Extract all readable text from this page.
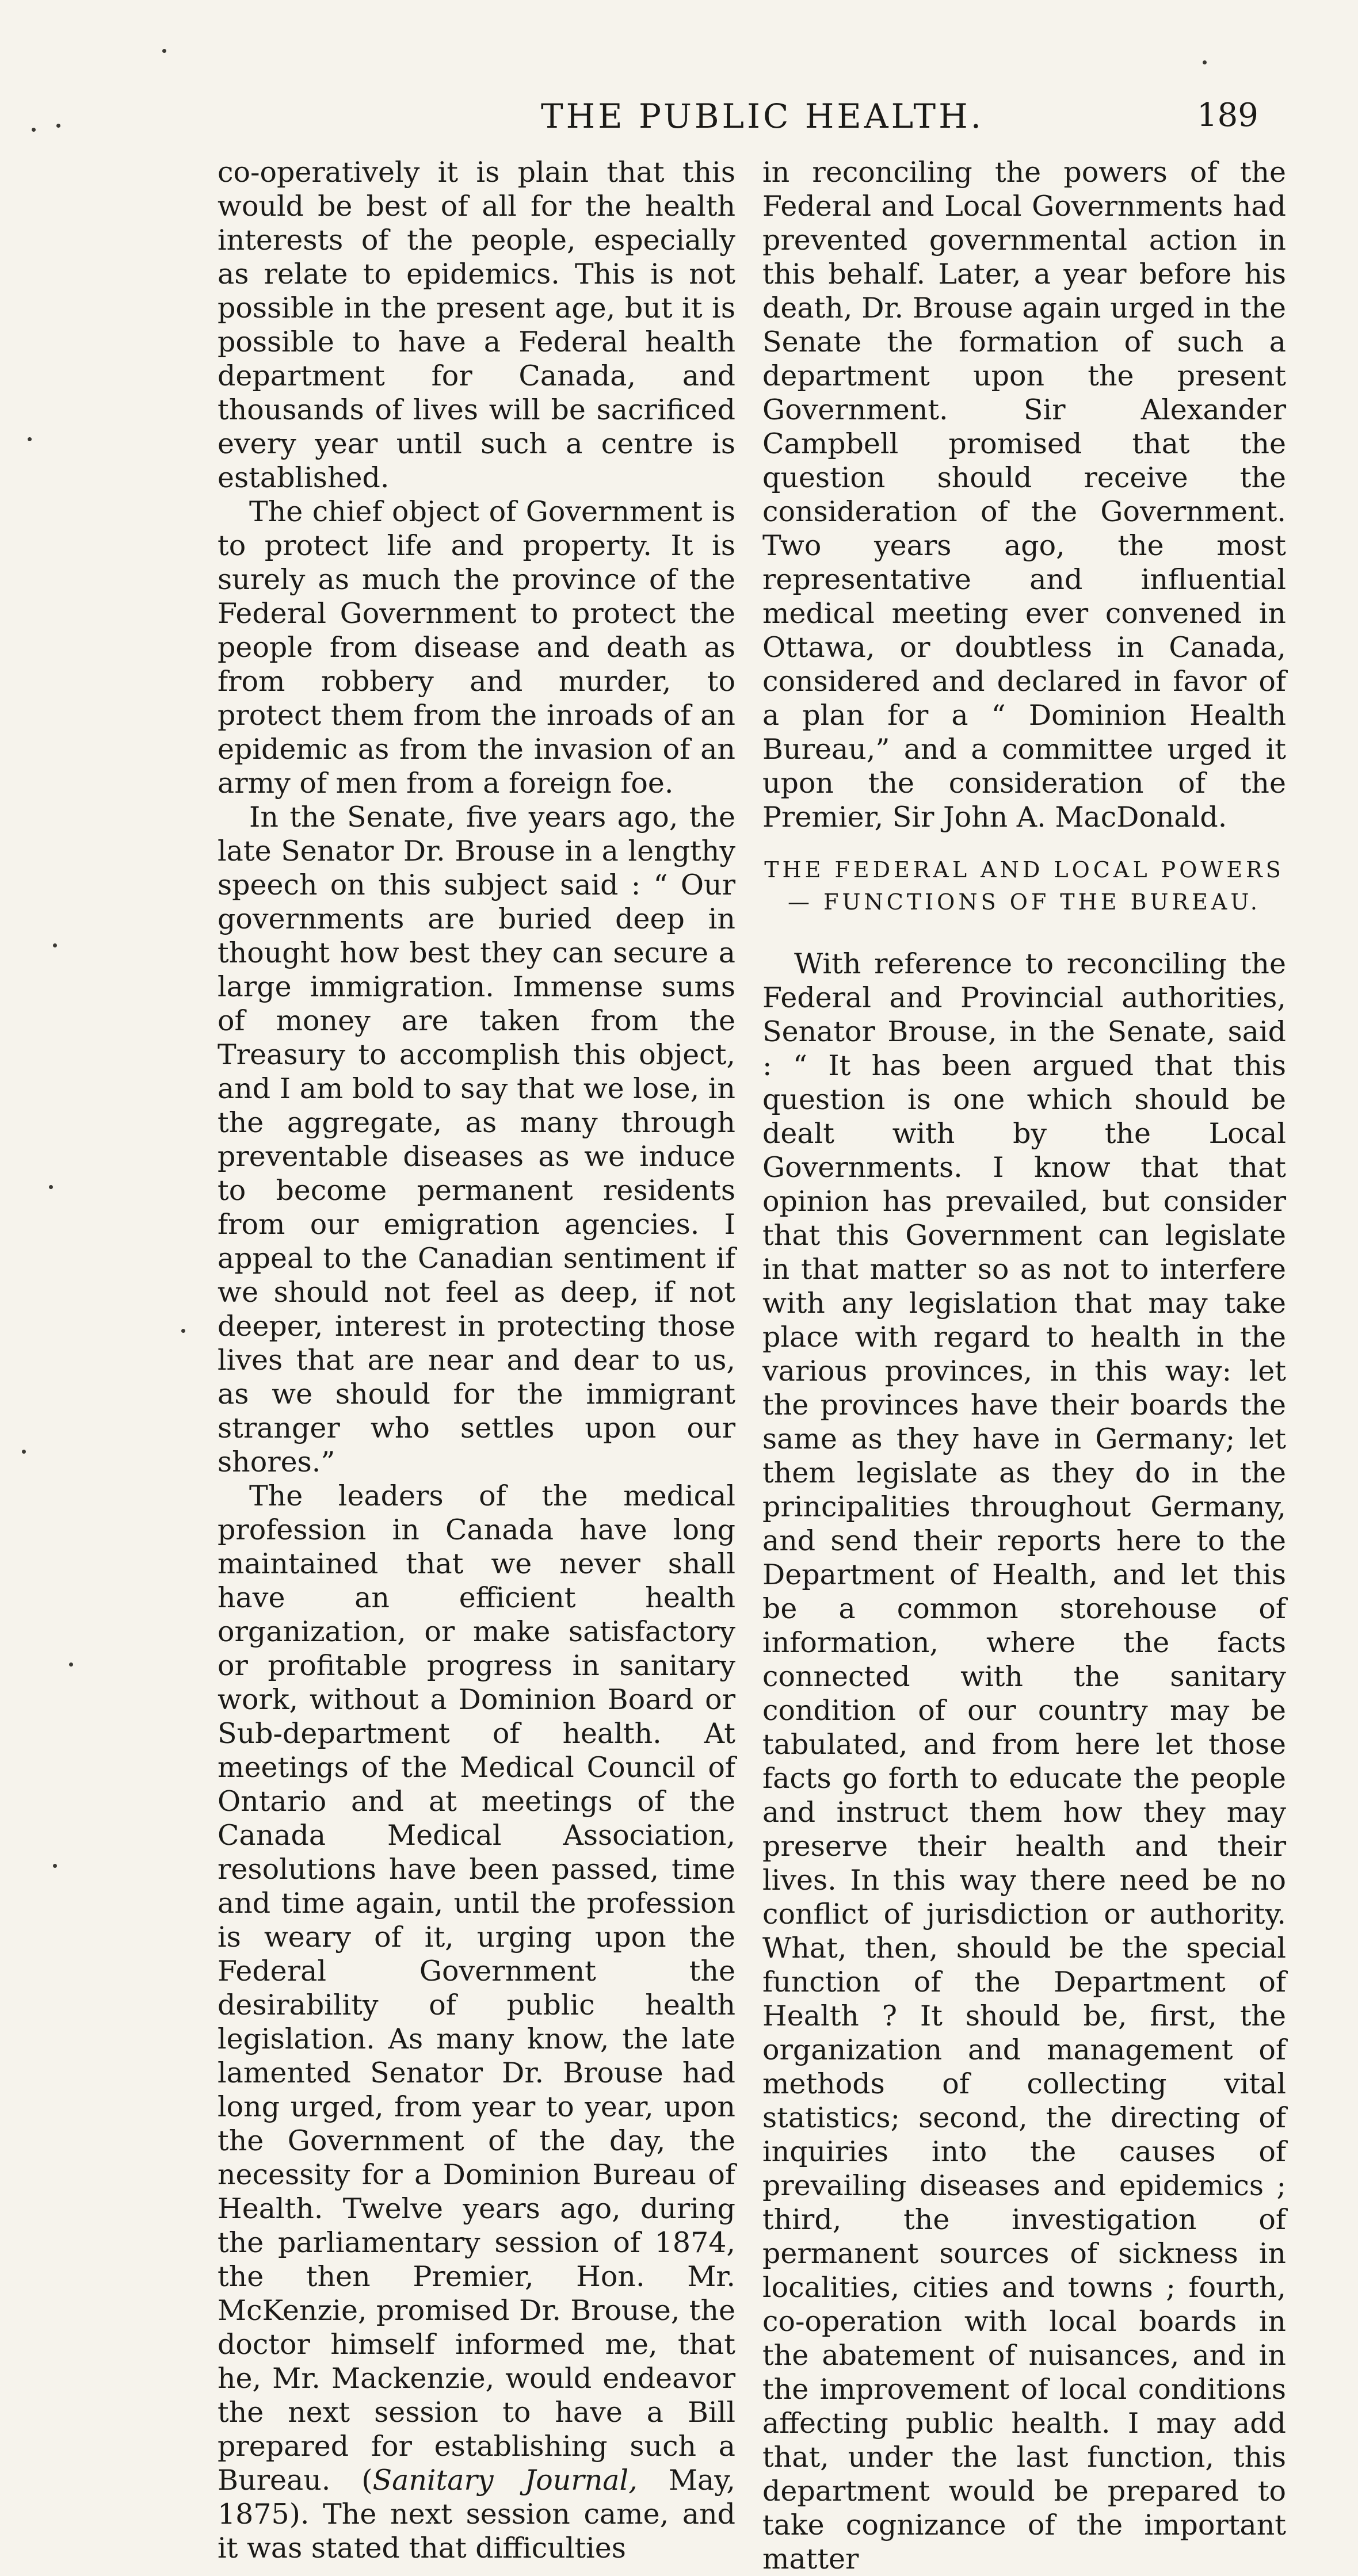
THE PUBLIC HEALTH.	189

co-operatively it is plain that this would be best of all for the health interests of the people, especially as relate to epidemics. This is not possible in the present age, but it is possible to have a Federal health department for Canada, and thousands of lives will be sacrificed every year until such a centre is established.

The chief object of Government is to protect life and property. It is surely as much the province of the Federal Government to protect the people from disease and death as from robbery and murder, to protect them from the inroads of an epidemic as from the invasion of an army of men from a foreign foe.

In the Senate, five years ago, the late Senator Dr. Brouse in a lengthy speech on this subject said : “ Our governments are buried deep in thought how best they can secure a large immigration. Immense sums of money are taken from the Treasury to accomplish this object, and I am bold to say that we lose, in the aggregate, as many through preventable diseases as we induce to become permanent residents from our emigration agencies. I appeal to the Canadian sentiment if we should not feel as deep, if not deeper, interest in protecting those lives that are near and dear to us, as we should for the immigrant stranger who settles upon our shores.”

The leaders of the medical profession in Canada have long maintained that we never shall have an efficient health organization, or make satisfactory or profitable progress in sanitary work, without a Dominion Board or Sub-department of health. At meetings of the Medical Council of Ontario and at meetings of the Canada Medical Association, resolutions have been passed, time and time again, until the profession is weary of it, urging upon the Federal Government the desirability of public health legislation. As many know, the late lamented Senator Dr. Brouse had long urged, from year to year, upon the Government of the day, the necessity for a Dominion Bureau of Health. Twelve years ago, during the parliamentary session of 1874, the then Premier, Hon. Mr. McKenzie, promised Dr. Brouse, the doctor himself informed me, that he, Mr. Mackenzie, would endeavor the next session to have a Bill prepared for establishing such a Bureau. (Sanitary Journal, May, 1875). The next session came, and it was stated that difficulties

in reconciling the powers of the Federal and Local Governments had prevented governmental action in this behalf. Later, a year before his death, Dr. Brouse again urged in the Senate the formation of such a department upon the present Government. Sir Alexander Campbell promised that the question should receive the consideration of the Government. Two years ago, the most representative and influential medical meeting ever convened in Ottawa, or doubtless in Canada, considered and declared in favor of a plan for a “ Dominion Health Bureau,” and a committee urged it upon the consideration of the Premier, Sir John A. MacDonald.

THE FEDERAL AND LOCAL POWERS— FUNCTIONS OF THE BUREAU.

With reference to reconciling the Federal and Provincial authorities, Senator Brouse, in the Senate, said : “ It has been argued that this question is one which should be dealt with by the Local Governments. I know that that opinion has prevailed, but consider that this Government can legislate in that matter so as not to interfere with any legislation that may take place with regard to health in the various provinces, in this way: let the provinces have their boards the same as they have in Germany; let them legislate as they do in the principalities throughout Germany, and send their reports here to the Department of Health, and let this be a common storehouse of information, where the facts connected with the sanitary condition of our country may be tabulated, and from here let those facts go forth to educate the people and instruct them how they may preserve their health and their lives. In this way there need be no conflict of jurisdiction or authority. What, then, should be the special function of the Department of Health ? It should be, first, the organization and management of methods of collecting vital statistics; second, the directing of inquiries into the causes of prevailing diseases and epidemics ; third, the investigation of permanent sources of sickness in localities, cities and towns ; fourth, co-operation with local boards in the abatement of nuisances, and in the improvement of local conditions affecting public health. I may add that, under the last function, this department would be prepared to take cognizance of the important matter
